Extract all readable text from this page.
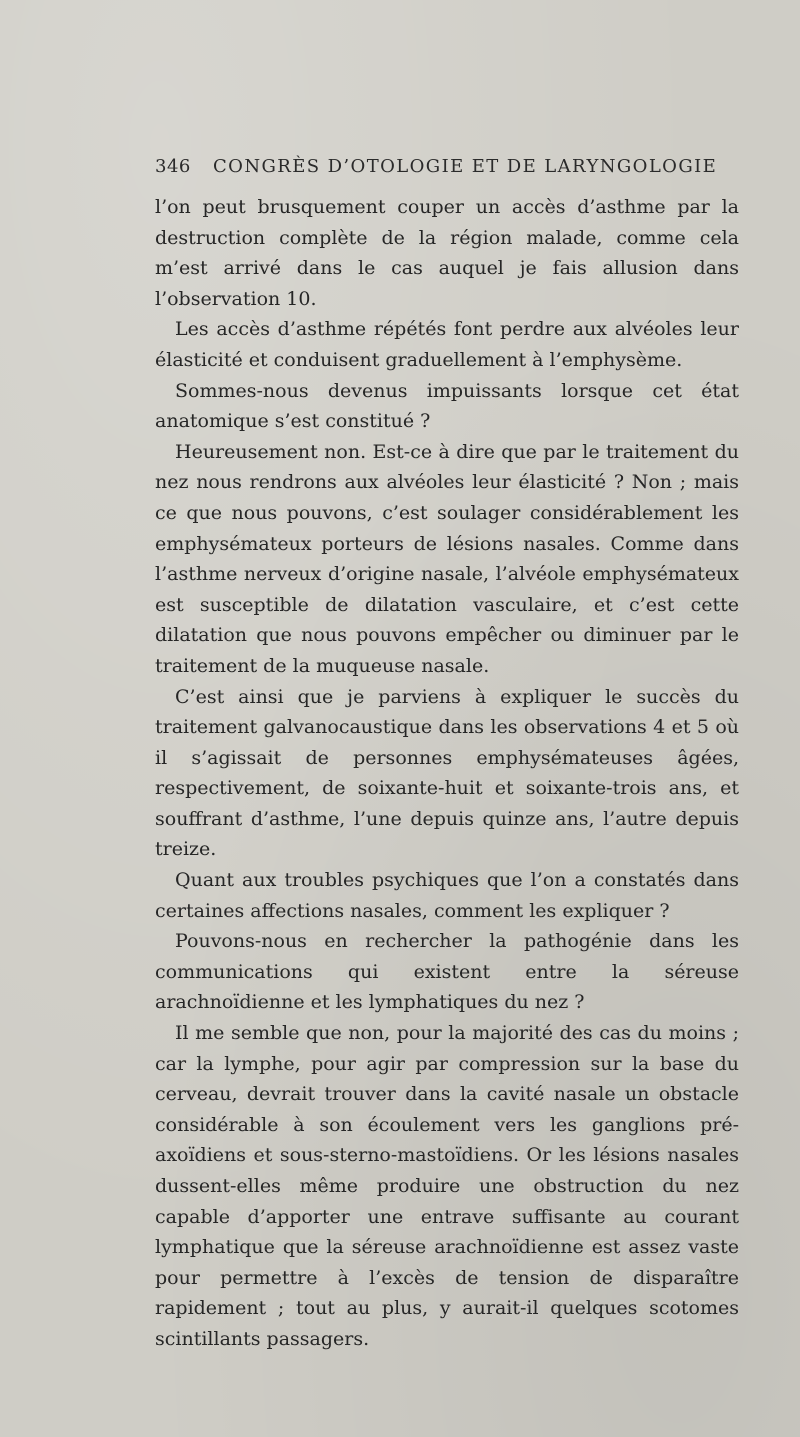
346 CONGRÈS D’OTOLOGIE ET DE LARYNGOLOGIE

l’on peut brusquement couper un accès d’asthme par la destruction complète de la région malade, comme cela m’est arrivé dans le cas auquel je fais allusion dans l’observation 10.

Les accès d’asthme répétés font perdre aux alvéoles leur élasticité et conduisent graduellement à l’emphysème.

Sommes-nous devenus impuissants lorsque cet état anatomique s’est constitué ?

Heureusement non. Est-ce à dire que par le traitement du nez nous rendrons aux alvéoles leur élasticité ? Non ; mais ce que nous pouvons, c’est soulager considérablement les emphysémateux porteurs de lésions nasales. Comme dans l’asthme nerveux d’origine nasale, l’alvéole emphysémateux est susceptible de dilatation vasculaire, et c’est cette dilatation que nous pouvons empêcher ou diminuer par le traitement de la muqueuse nasale.

C’est ainsi que je parviens à expliquer le succès du traitement galvanocaustique dans les observations 4 et 5 où il s’agissait de personnes emphysémateuses âgées, respectivement, de soixante-huit et soixante-trois ans, et souffrant d’asthme, l’une depuis quinze ans, l’autre depuis treize.

Quant aux troubles psychiques que l’on a constatés dans certaines affections nasales, comment les expliquer ?

Pouvons-nous en rechercher la pathogénie dans les communications qui existent entre la séreuse arachnoïdienne et les lymphatiques du nez ?

Il me semble que non, pour la majorité des cas du moins ; car la lymphe, pour agir par compression sur la base du cerveau, devrait trouver dans la cavité nasale un obstacle considérable à son écoulement vers les ganglions pré-axoïdiens et sous-sterno-mastoïdiens. Or les lésions nasales dussent-elles même produire une obstruction du nez capable d’apporter une entrave suffisante au courant lymphatique que la séreuse arachnoïdienne est assez vaste pour permettre à l’excès de tension de disparaître rapidement ; tout au plus, y aurait-il quelques scotomes scintillants passagers.
